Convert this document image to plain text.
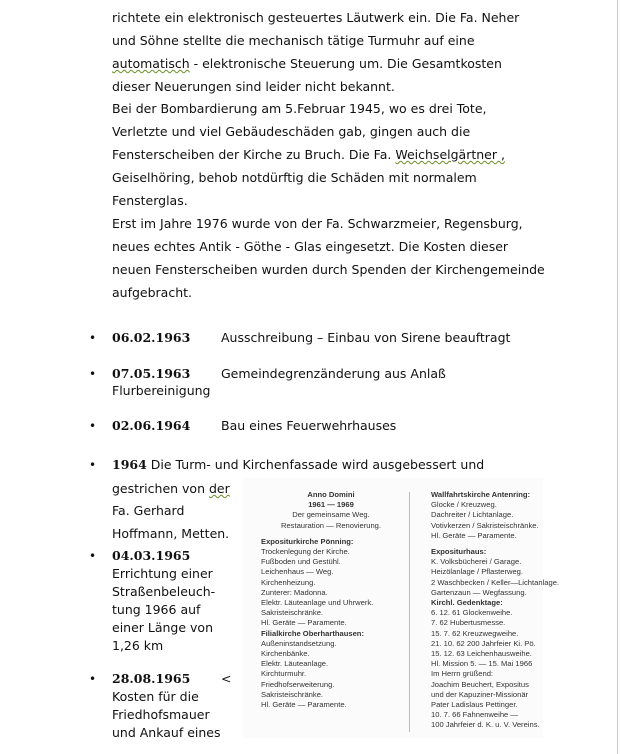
richtete ein elektronisch gesteuertes Läutwerk ein. Die Fa. Neher
und Söhne stellte die mechanisch tätige Turmuhr auf eine
automatisch - elektronische Steuerung um. Die Gesamtkosten
dieser Neuerungen sind leider nicht bekannt.
Bei der Bombardierung am 5.Februar 1945, wo es drei Tote,
Verletzte und viel Gebäudeschäden gab, gingen auch die
Fensterscheiben der Kirche zu Bruch. Die Fa. Weichselgärtner ,
Geiselhöring, behob notdürftig die Schäden mit normalem
Fensterglas.
Erst im Jahre 1976 wurde von der Fa. Schwarzmeier, Regensburg,
neues echtes Antik - Göthe - Glas eingesetzt. Die Kosten dieser
neuen Fensterscheiben wurden durch Spenden der Kirchengemeinde
aufgebracht.
• 06.02.1963 Ausschreibung – Einbau von Sirene beauftragt
• 07.05.1963 Gemeindegrenzänderung aus Anlaß
Flurbereinigung
• 02.06.1964 Bau eines Feuerwehrhauses
• 1964 Die Turm- und Kirchenfassade wird ausgebessert und
gestrichen von der
Fa. Gerhard
Hoffmann, Metten.
• 04.03.1965
Errichtung einer
Straßenbeleuch-
tung 1966 auf
einer Länge von
1,26 km
• 28.08.1965 <
Kosten für die
Friedhofsmauer
und Ankauf eines
Anno Domini
1961 — 1969
Der gemeinsame Weg.
Restauration — Renovierung.
Expositurkirche Pönning:
Trockenlegung der Kirche.
Fußboden und Gestühl.
Leichenhaus — Weg.
Kirchenheizung.
Zunterer: Madonna.
Elektr. Läuteanlage und Uhrwerk.
Sakristeischränke.
Hl. Geräte — Paramente.
Filialkirche Oberharthausen:
Außeninstandsetzung.
Kirchenbänke.
Elektr. Läuteanlage.
Kirchturmuhr.
Friedhofserweiterung.
Sakristeischränke.
Hl. Geräte — Paramente.
Wallfahrtskirche Antenring:
Glocke / Kreuzweg.
Dachreiter / Lichtanlage.
Votivkerzen / Sakristeischränke.
Hl. Geräte — Paramente.
Expositurhaus:
K. Volksbücherei / Garage.
Heizölanlage / Pflasterweg.
2 Waschbecken / Keller—Lichtanlage.
Gartenzaun — Wegfassung.
Kirchl. Gedenktage:
6. 12. 61 Glockenweihe.
7. 62 Hubertusmesse.
15. 7. 62 Kreuzwegweihe.
21. 10. 62 200 Jahrfeier Ki. Pö.
15. 12. 63 Leichenhausweihe.
Hl. Mission 5. — 15. Mai 1966
Im Herrn grüßend:
Joachim Beuchert, Expositus
und der Kapuziner-Missionär
Pater Ladislaus Pettinger.
10. 7. 66 Fahnenweihe —
100 Jahrfeier d. K. u. V. Vereins.
